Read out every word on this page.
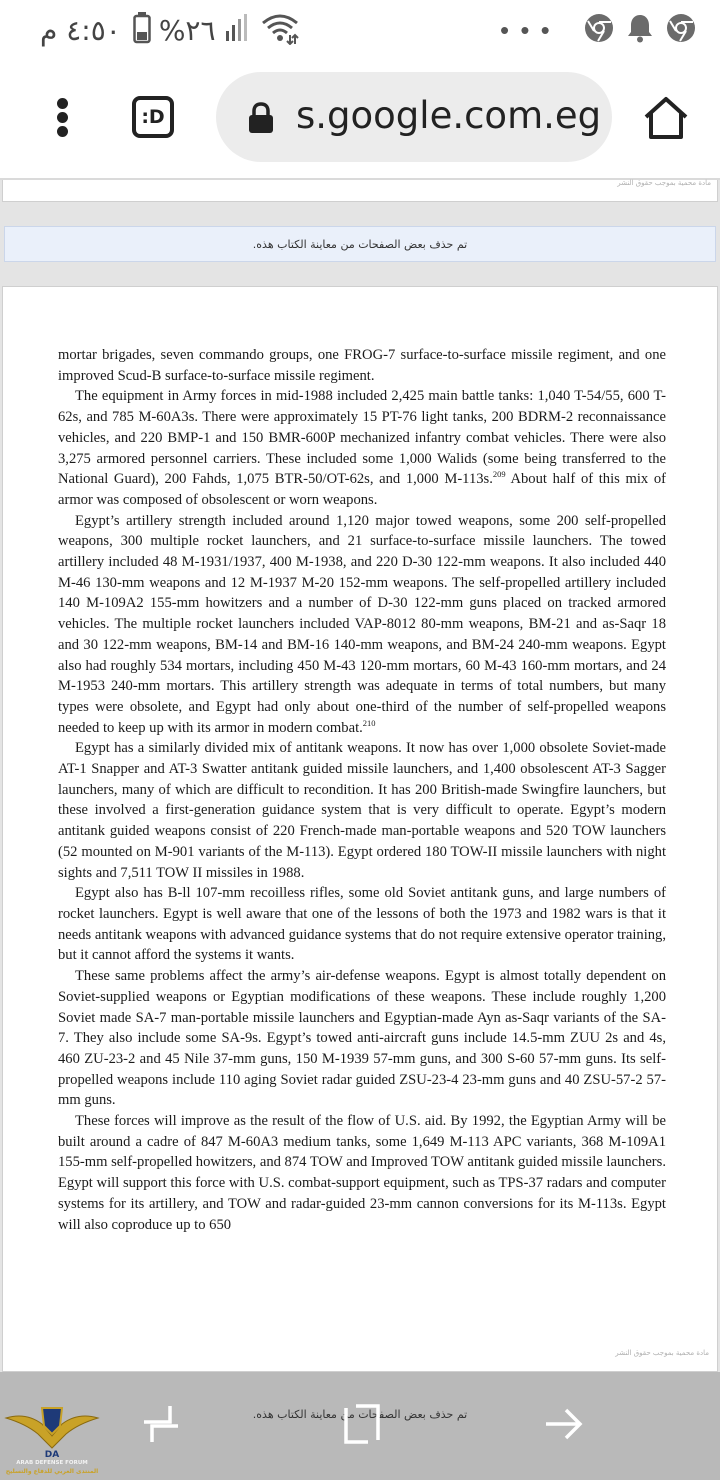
٤:٥٠ م %٢٦	• • •
:D	s.google.com.eg
مادة محمية بموجب حقوق النشر
تم حذف بعض الصفحات من معاينة الكتاب هذه.

mortar brigades, seven commando groups, one FROG-7 surface-to-surface missile regiment, and one improved Scud-B surface-to-surface missile regiment.

The equipment in Army forces in mid-1988 included 2,425 main battle tanks: 1,040 T-54/55, 600 T-62s, and 785 M-60A3s. There were approximately 15 PT-76 light tanks, 200 BDRM-2 reconnaissance vehicles, and 220 BMP-1 and 150 BMR-600P mechanized infantry combat vehicles. There were also 3,275 armored personnel carriers. These included some 1,000 Walids (some being transferred to the National Guard), 200 Fahds, 1,075 BTR-50/OT-62s, and 1,000 M-113s.$^{209}$ About half of this mix of armor was composed of obsolescent or worn weapons.

Egypt’s artillery strength included around 1,120 major towed weapons, some 200 self-propelled weapons, 300 multiple rocket launchers, and 21 surface-to-surface missile launchers. The towed artillery included 48 M-1931/1937, 400 M-1938, and 220 D-30 122-mm weapons. It also included 440 M-46 130-mm weapons and 12 M-1937 M-20 152-mm weapons. The self-propelled artillery included 140 M-109A2 155-mm howitzers and a number of D-30 122-mm guns placed on tracked armored vehicles. The multiple rocket launchers included VAP-8012 80-mm weapons, BM-21 and as-Saqr 18 and 30 122-mm weapons, BM-14 and BM-16 140-mm weapons, and BM-24 240-mm weapons. Egypt also had roughly 534 mortars, including 450 M-43 120-mm mortars, 60 M-43 160-mm mortars, and 24 M-1953 240-mm mortars. This artillery strength was adequate in terms of total numbers, but many types were obsolete, and Egypt had only about one-third of the number of self-propelled weapons needed to keep up with its armor in modern combat.$^{210}$

Egypt has a similarly divided mix of antitank weapons. It now has over 1,000 obsolete Soviet-made AT-1 Snapper and AT-3 Swatter antitank guided missile launchers, and 1,400 obsolescent AT-3 Sagger launchers, many of which are difficult to recondition. It has 200 British-made Swingfire launchers, but these involved a first-generation guidance system that is very difficult to operate. Egypt’s modern antitank guided weapons consist of 220 French-made man-portable weapons and 520 TOW launchers (52 mounted on M-901 variants of the M-113). Egypt ordered 180 TOW-II missile launchers with night sights and 7,511 TOW II missiles in 1988.

Egypt also has B-ll 107-mm recoilless rifles, some old Soviet antitank guns, and large numbers of rocket launchers. Egypt is well aware that one of the lessons of both the 1973 and 1982 wars is that it needs antitank weapons with advanced guidance systems that do not require extensive operator training, but it cannot afford the systems it wants.

These same problems affect the army’s air-defense weapons. Egypt is almost totally dependent on Soviet-supplied weapons or Egyptian modifications of these weapons. These include roughly 1,200 Soviet made SA-7 man-portable missile launchers and Egyptian-made Ayn as-Saqr variants of the SA-7. They also include some SA-9s. Egypt’s towed anti-aircraft guns include 14.5-mm ZUU 2s and 4s, 460 ZU-23-2 and 45 Nile 37-mm guns, 150 M-1939 57-mm guns, and 300 S-60 57-mm guns. Its self-propelled weapons include 110 aging Soviet radar guided ZSU-23-4 23-mm guns and 40 ZSU-57-2 57-mm guns.

These forces will improve as the result of the flow of U.S. aid. By 1992, the Egyptian Army will be built around a cadre of 847 M-60A3 medium tanks, some 1,649 M-113 APC variants, 368 M-109A1 155-mm self-propelled howitzers, and 874 TOW and Improved TOW antitank guided missile launchers. Egypt will support this force with U.S. combat-support equipment, such as TPS-37 radars and computer systems for its artillery, and TOW and radar-guided 23-mm cannon conversions for its M-113s. Egypt will also coproduce up to 650

مادة محمية بموجب حقوق النشر
تم حذف بعض الصفحات من معاينة الكتاب هذه.
DA
ARAB DEFENSE FORUM
المنتدى العربي للدفاع والتسليح
